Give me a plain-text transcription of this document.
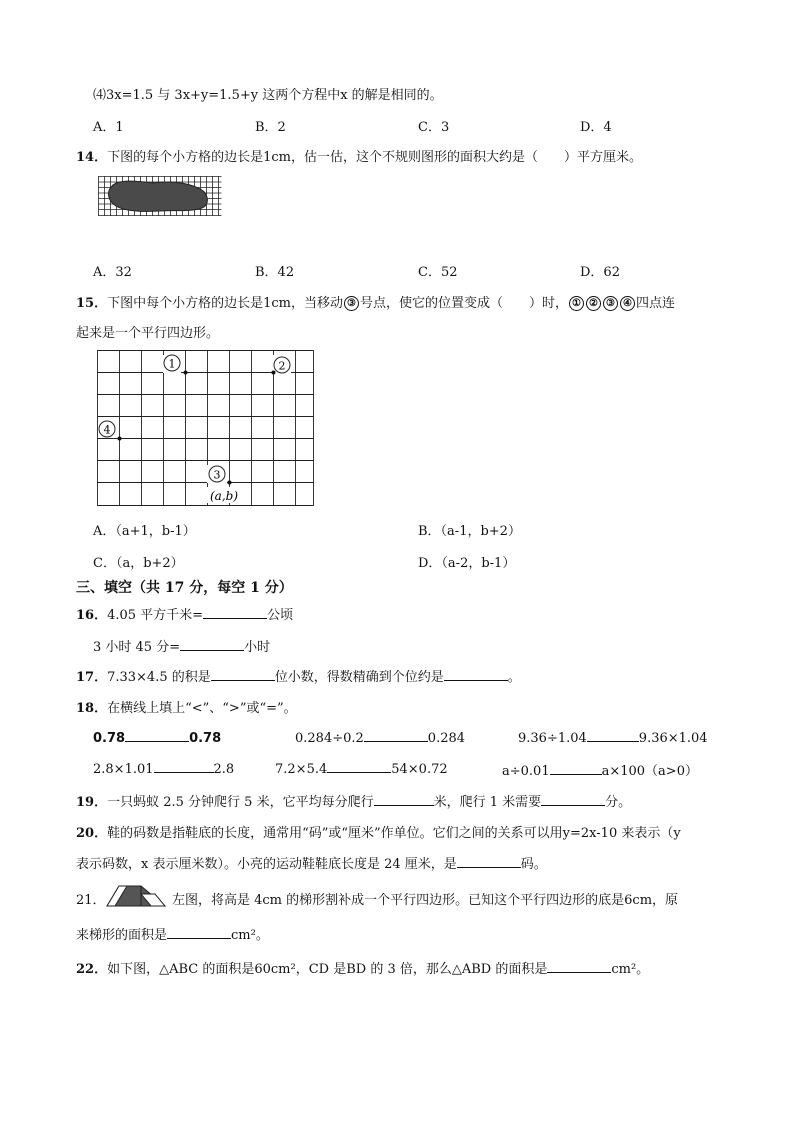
⑷3x=1.5 与 3x+y=1.5+y 这两个方程中x 的解是相同的。
A．1	B．2	C．3	D．4
14．下图的每个小方格的边长是1cm，估一估，这个不规则图形的面积大约是（　　）平方厘米。
A．32	B．42	C．52	D．62
15．下图中每个小方格的边长是1cm，当移动 ③ 号点，使它的位置变成（　　）时， ① ② ③ ④ 四点连
起来是一个平行四边形。
1	2
4
3
(a,b)
A．（a+1，b-1）	B．（a-1，b+2）
C．（a，b+2）	D．（a-2，b-1）
三、填空（共 17 分，每空 1 分）
16．4.05 平方千米=	公顷
3 小时 45 分=	小时
17．7.33×4.5 的积是	位小数，得数精确到个位约是	。
18．在横线上填上“<”、“>”或“=”。
0.78	0.78	0.284÷0.2	0.284	9.36÷1.04	9.36×1.04
2.8×1.01	2.8	7.2×5.4	54×0.72	a÷0.01	a×100（a>0）
19．一只蚂蚁 2.5 分钟爬行 5 米，它平均每分爬行	米，爬行 1 米需要	分。
20．鞋的码数是指鞋底的长度，通常用“码”或“厘米”作单位。它们之间的关系可以用y=2x-10 来表示（y
表示码数，x 表示厘米数）。小亮的运动鞋鞋底长度是 24 厘米，是	码。
21．	左图，将高是 4cm 的梯形割补成一个平行四边形。已知这个平行四边形的底是6cm，原
来梯形的面积是	cm²。
22．如下图，△ABC 的面积是60cm²，CD 是BD 的 3 倍，那么△ABD 的面积是	cm²。
